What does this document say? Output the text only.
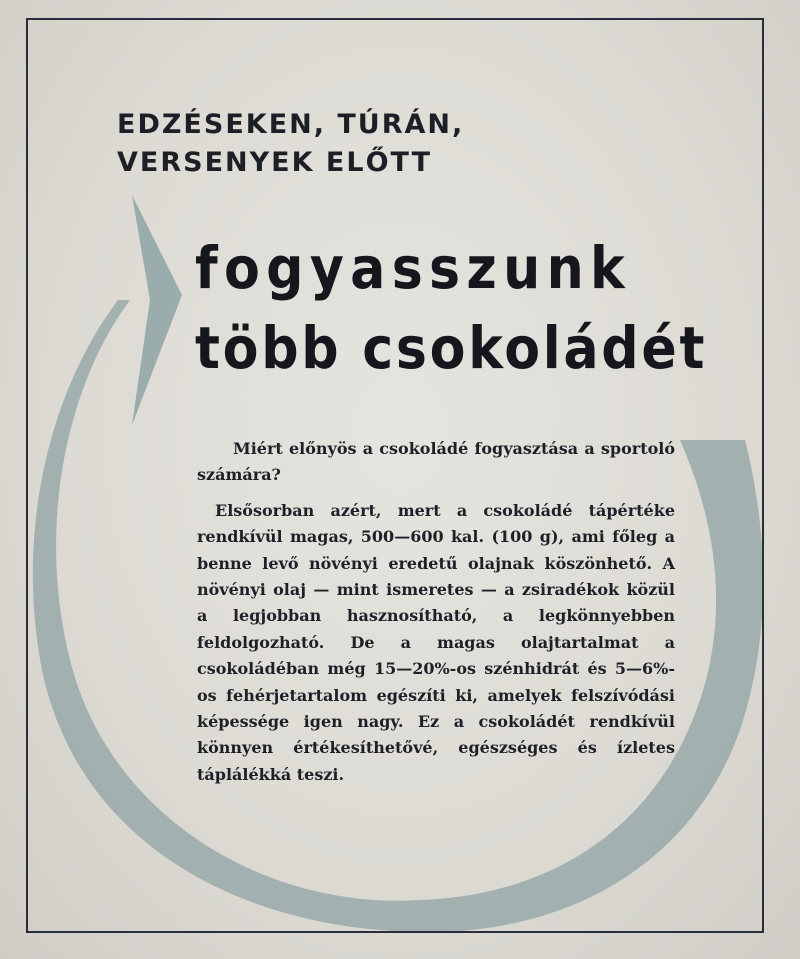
EDZÉSEKEN, TÚRÁN,
VERSENYEK ELŐTT
fogyasszunk
több csokoládét

Miért előnyös a csokoládé fogyasztása a sportoló számára?

Elsősorban azért, mert a csokoládé tápértéke rendkívül magas, 500—600 kal. (100 g), ami főleg a benne levő növényi eredetű olajnak köszönhető. A növényi olaj — mint ismeretes — a zsiradékok közül a legjobban hasznosítható, a legkönnyebben feldolgozható. De a magas olajtartalmat a csokoládéban még 15—20%-os szénhidrát és 5—6%-os fehérjetartalom egészíti ki, amelyek felszívódási képessége igen nagy. Ez a csokoládét rendkívül könnyen értékesíthetővé, egészséges és ízletes táplálékká teszi.
